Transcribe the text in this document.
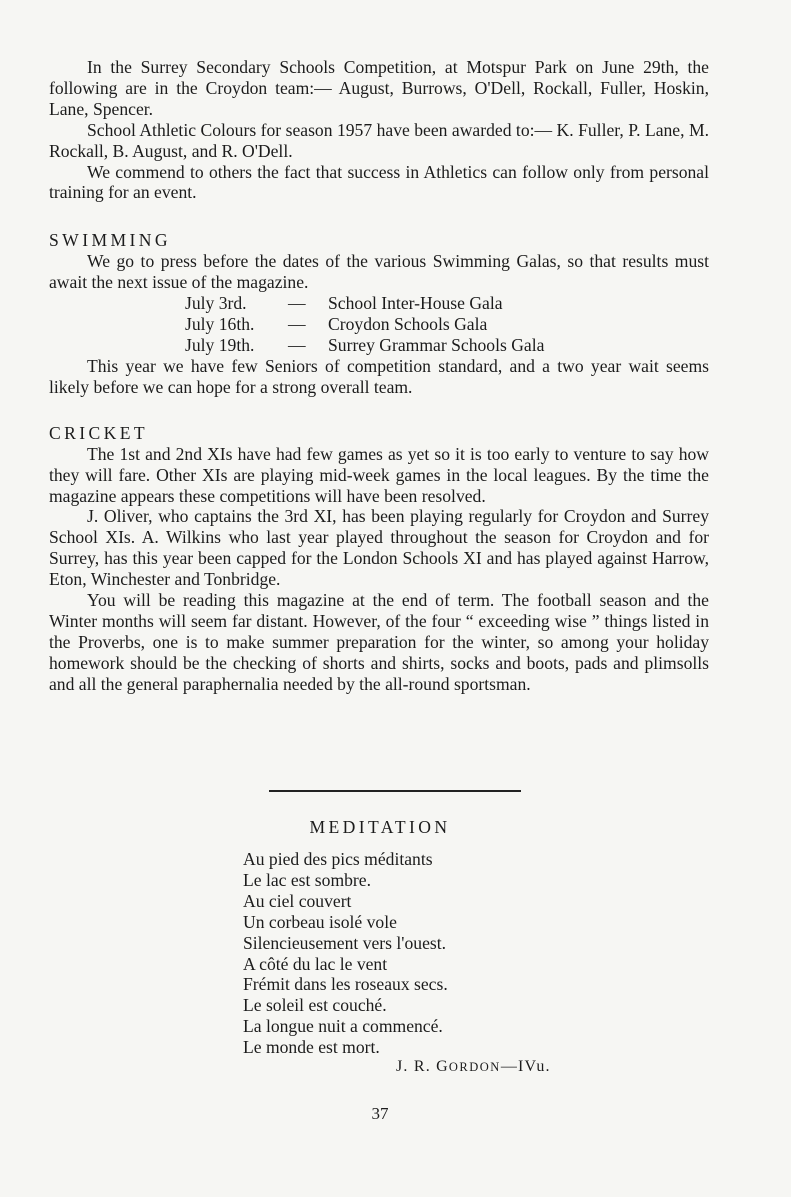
In the Surrey Secondary Schools Competition, at Motspur Park on June 29th, the following are in the Croydon team:— August, Burrows, O'Dell, Rockall, Fuller, Hoskin, Lane, Spencer.

School Athletic Colours for season 1957 have been awarded to:— K. Fuller, P. Lane, M. Rockall, B. August, and R. O'Dell.

We commend to others the fact that success in Athletics can follow only from personal training for an event.

SWIMMING

We go to press before the dates of the various Swimming Galas, so that results must await the next issue of the magazine.

July 3rd.	—	School Inter-House Gala
July 16th.	—	Croydon Schools Gala
July 19th.	—	Surrey Grammar Schools Gala

This year we have few Seniors of competition standard, and a two year wait seems likely before we can hope for a strong overall team.

CRICKET

The 1st and 2nd XIs have had few games as yet so it is too early to venture to say how they will fare. Other XIs are playing mid-week games in the local leagues. By the time the magazine appears these competitions will have been resolved.

J. Oliver, who captains the 3rd XI, has been playing regularly for Croydon and Surrey School XIs. A. Wilkins who last year played throughout the season for Croydon and for Surrey, has this year been capped for the London Schools XI and has played against Harrow, Eton, Winchester and Tonbridge.

You will be reading this magazine at the end of term. The football season and the Winter months will seem far distant. However, of the four “ exceeding wise ” things listed in the Proverbs, one is to make summer preparation for the winter, so among your holiday homework should be the checking of shorts and shirts, socks and boots, pads and plimsolls and all the general paraphernalia needed by the all-round sportsman.

MEDITATION
Au pied des pics méditants
Le lac est sombre.
Au ciel couvert
Un corbeau isolé vole
Silencieusement vers l'ouest.
A côté du lac le vent
Frémit dans les roseaux secs.
Le soleil est couché.
La longue nuit a commencé.
Le monde est mort.
J. R. GORDON—IVu.
37
